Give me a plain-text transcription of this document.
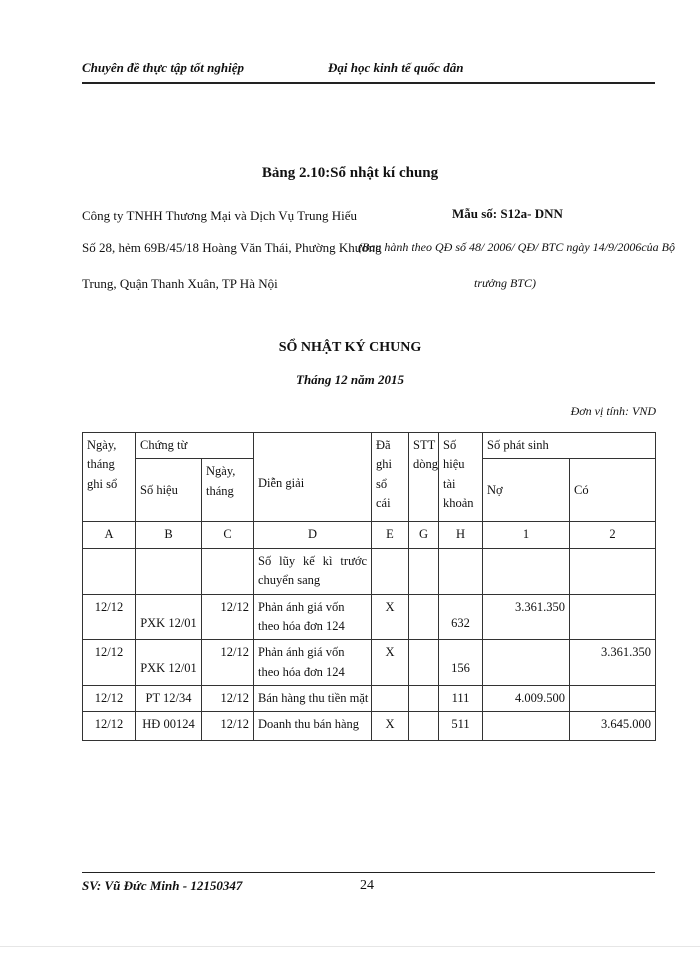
Chuyên đề thực tập tốt nghiệp	Đại học kinh tế quốc dân
Bảng 2.10:Sổ nhật kí chung
Công ty TNHH Thương Mại và Dịch Vụ Trung Hiếu
Số 28, hẻm 69B/45/18 Hoàng Văn Thái, Phường Khương
Trung, Quận Thanh Xuân, TP Hà Nội
Mẫu số: S12a- DNN
(Ban hành theo QĐ số 48/ 2006/ QĐ/ BTC ngày 14/9/2006của Bộ
trưởng BTC)
SỔ NHẬT KÝ CHUNG
Tháng 12 năm 2015
Đơn vị tính: VND
Ngày, tháng ghi sổ	Chứng từ		Diễn giải	Đã ghi sổ cái	STT dòng	Số hiệu tài khoản	Số phát sinh	
	Số hiệu	Ngày, tháng					Nợ	Có
A	B	C	D	E	G	H	1	2
			Số lũy kế kì trước chuyển sang					
12/12	PXK 12/01	12/12	Phản ánh giá vốn theo hóa đơn 124	X		632	3.361.350	
12/12	PXK 12/01	12/12	Phản ánh giá vốn theo hóa đơn 124	X		156		3.361.350
12/12	PT 12/34	12/12	Bán hàng thu tiền mặt			111	4.009.500	
12/12	HĐ 00124	12/12	Doanh thu bán hàng	X		511		3.645.000
SV: Vũ Đức Minh - 12150347	24
